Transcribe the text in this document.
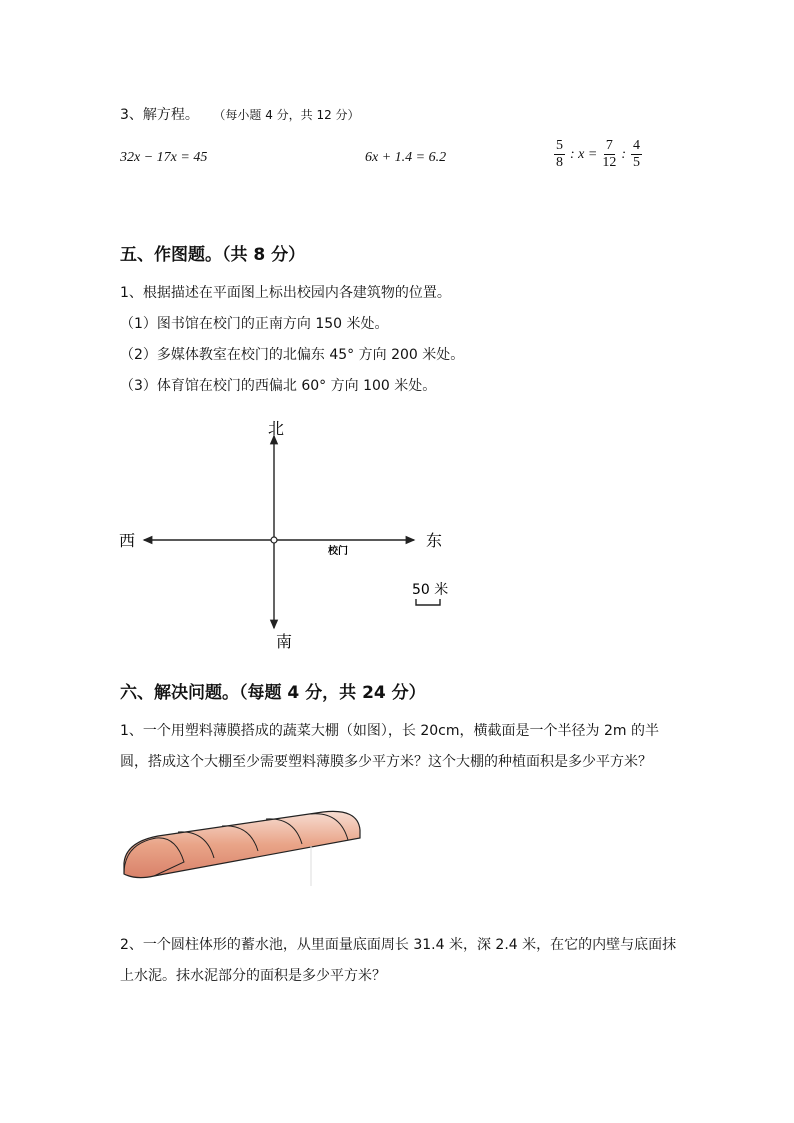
3、解方程。 （每小题 4 分，共 12 分）
32x − 17x = 45	6x + 1.4 = 6.2	$\frac{5}{8}$ : $x = \frac{7}{12}$ : $\frac{4}{5}$
五、作图题。（共 8 分）
1、根据描述在平面图上标出校园内各建筑物的位置。
（1）图书馆在校门的正南方向 150 米处。
（2）多媒体教室在校门的北偏东 45° 方向 200 米处。
（3）体育馆在校门的西偏北 60° 方向 100 米处。
北
南
西	东
校门
50 米
六、解决问题。（每题 4 分，共 24 分）
1、一个用塑料薄膜搭成的蔬菜大棚（如图），长 20cm，横截面是一个半径为 2m 的半圆，搭成这个大棚至少需要塑料薄膜多少平方米？这个大棚的种植面积是多少平方米？
2、一个圆柱体形的蓄水池，从里面量底面周长 31.4 米，深 2.4 米，在它的内壁与底面抹上水泥。抹水泥部分的面积是多少平方米？
